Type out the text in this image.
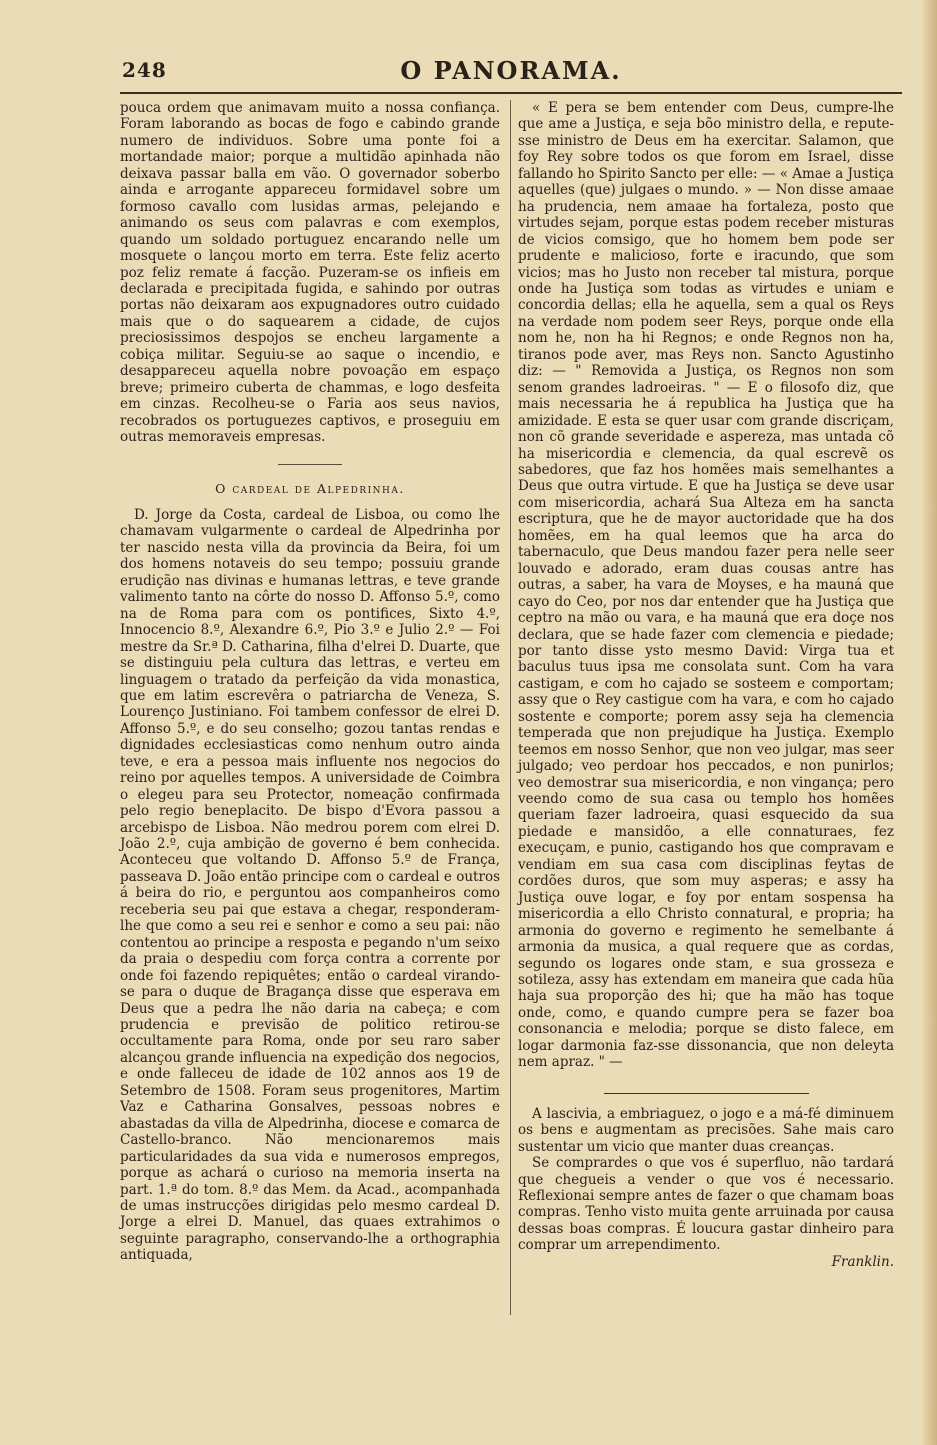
248	O PANORAMA.

pouca ordem que animavam muito a nossa confiança. Foram laborando as bocas de fogo e cabindo grande numero de individuos. Sobre uma ponte foi a mortandade maior; porque a multidão apinhada não deixava passar balla em vão. O governador soberbo ainda e arrogante appareceu formidavel sobre um formoso cavallo com lusidas armas, pelejando e animando os seus com palavras e com exemplos, quando um soldado portuguez encarando nelle um mosquete o lançou morto em terra. Este feliz acerto poz feliz remate á facção. Puzeram-se os infieis em declarada e precipitada fugida, e sahindo por outras portas não deixaram aos expugnadores outro cuidado mais que o do saquearem a cidade, de cujos preciosissimos despojos se encheu largamente a cobiça militar. Seguiu-se ao saque o incendio, e desappareceu aquella nobre povoação em espaço breve; primeiro cuberta de chammas, e logo desfeita em cinzas. Recolheu-se o Faria aos seus navios, recobrados os portuguezes captivos, e proseguiu em outras memoraveis empresas.

O cardeal de Alpedrinha.

D. Jorge da Costa, cardeal de Lisboa, ou como lhe chamavam vulgarmente o cardeal de Alpedrinha por ter nascido nesta villa da provincia da Beira, foi um dos homens notaveis do seu tempo; possuiu grande erudição nas divinas e humanas lettras, e teve grande valimento tanto na côrte do nosso D. Affonso 5.º, como na de Roma para com os pontifices, Sixto 4.º, Innocencio 8.º, Alexandre 6.º, Pio 3.º e Julio 2.º — Foi mestre da Sr.ª D. Catharina, filha d'elrei D. Duarte, que se distinguiu pela cultura das lettras, e verteu em linguagem o tratado da perfeição da vida monastica, que em latim escrevêra o patriarcha de Veneza, S. Lourenço Justiniano. Foi tambem confessor de elrei D. Affonso 5.º, e do seu conselho; gozou tantas rendas e dignidades ecclesiasticas como nenhum outro ainda teve, e era a pessoa mais influente nos negocios do reino por aquelles tempos. A universidade de Coimbra o elegeu para seu Protector, nomeação confirmada pelo regio beneplacito. De bispo d'Evora passou a arcebispo de Lisboa. Não medrou porem com elrei D. João 2.º, cuja ambição de governo é bem conhecida. Aconteceu que voltando D. Affonso 5.º de França, passeava D. João então principe com o cardeal e outros á beira do rio, e perguntou aos companheiros como receberia seu pai que estava a chegar, responderam-lhe que como a seu rei e senhor e como a seu pai: não contentou ao principe a resposta e pegando n'um seixo da praia o despediu com força contra a corrente por onde foi fazendo repiquêtes; então o cardeal virando-se para o duque de Bragança disse que esperava em Deus que a pedra lhe não daria na cabeça; e com prudencia e previsão de politico retirou-se occultamente para Roma, onde por seu raro saber alcançou grande influencia na expedição dos negocios, e onde falleceu de idade de 102 annos aos 19 de Setembro de 1508. Foram seus progenitores, Martim Vaz e Catharina Gonsalves, pessoas nobres e abastadas da villa de Alpedrinha, diocese e comarca de Castello-branco. Não mencionaremos mais particularidades da sua vida e numerosos empregos, porque as achará o curioso na memoria inserta na part. 1.ª do tom. 8.º das Mem. da Acad., acompanhada de umas instrucções dirigidas pelo mesmo cardeal D. Jorge a elrei D. Manuel, das quaes extrahimos o seguinte paragrapho, conservando-lhe a orthographia antiquada,

« E pera se bem entender com Deus, cumpre-lhe que ame a Justiça, e seja bõo ministro della, e repute-sse ministro de Deus em ha exercitar. Salamon, que foy Rey sobre todos os que forom em Israel, disse fallando ho Spirito Sancto per elle: — « Amae a Justiça aquelles (que) julgaes o mundo. » — Non disse amaae ha prudencia, nem amaae ha fortaleza, posto que virtudes sejam, porque estas podem receber misturas de vicios comsigo, que ho homem bem pode ser prudente e malicioso, forte e iracundo, que som vicios; mas ho Justo non receber tal mistura, porque onde ha Justiça som todas as virtudes e uniam e concordia dellas; ella he aquella, sem a qual os Reys na verdade nom podem seer Reys, porque onde ella nom he, non ha hi Regnos; e onde Regnos non ha, tiranos pode aver, mas Reys non. Sancto Agustinho diz: — " Removida a Justiça, os Regnos non som senom grandes ladroeiras. " — E o filosofo diz, que mais necessaria he á republica ha Justiça que ha amizidade. E esta se quer usar com grande discriçam, non cõ grande severidade e aspereza, mas untada cõ ha misericordia e clemencia, da qual escrevẽ os sabedores, que faz hos homẽes mais semelhantes a Deus que outra virtude. E que ha Justiça se deve usar com misericordia, achará Sua Alteza em ha sancta escriptura, que he de mayor auctoridade que ha dos homẽes, em ha qual leemos que ha arca do tabernaculo, que Deus mandou fazer pera nelle seer louvado e adorado, eram duas cousas antre has outras, a saber, ha vara de Moyses, e ha mauná que cayo do Ceo, por nos dar entender que ha Justiça que ceptro na mão ou vara, e ha mauná que era doçe nos declara, que se hade fazer com clemencia e piedade; por tanto disse ysto mesmo David: Virga tua et baculus tuus ipsa me consolata sunt. Com ha vara castigam, e com ho cajado se sosteem e comportam; assy que o Rey castigue com ha vara, e com ho cajado sostente e comporte; porem assy seja ha clemencia temperada que non prejudique ha Justiça. Exemplo teemos em nosso Senhor, que non veo julgar, mas seer julgado; veo perdoar hos peccados, e non punirlos; veo demostrar sua misericordia, e non vingança; pero veendo como de sua casa ou templo hos homẽes queriam fazer ladroeira, quasi esquecido da sua piedade e mansidõo, a elle connaturaes, fez execuçam, e punio, castigando hos que compravam e vendiam em sua casa com disciplinas feytas de cordões duros, que som muy asperas; e assy ha Justiça ouve logar, e foy por entam sospensa ha misericordia a ello Christo connatural, e propria; ha armonia do governo e regimento he semelbante á armonia da musica, a qual requere que as cordas, segundo os logares onde stam, e sua grosseza e sotileza, assy has extendam em maneira que cada hũa haja sua proporção des hi; que ha mão has toque onde, como, e quando cumpre pera se fazer boa consonancia e melodia; porque se disto falece, em logar darmonia faz-sse dissonancia, que non deleyta nem apraz. " —

A lascivia, a embriaguez, o jogo e a má-fé diminuem os bens e augmentam as precisões. Sahe mais caro sustentar um vicio que manter duas creanças.

Se comprardes o que vos é superfluo, não tardará que chegueis a vender o que vos é necessario. Reflexionai sempre antes de fazer o que chamam boas compras. Tenho visto muita gente arruinada por causa dessas boas compras. É loucura gastar dinheiro para comprar um arrependimento.

Franklin.
